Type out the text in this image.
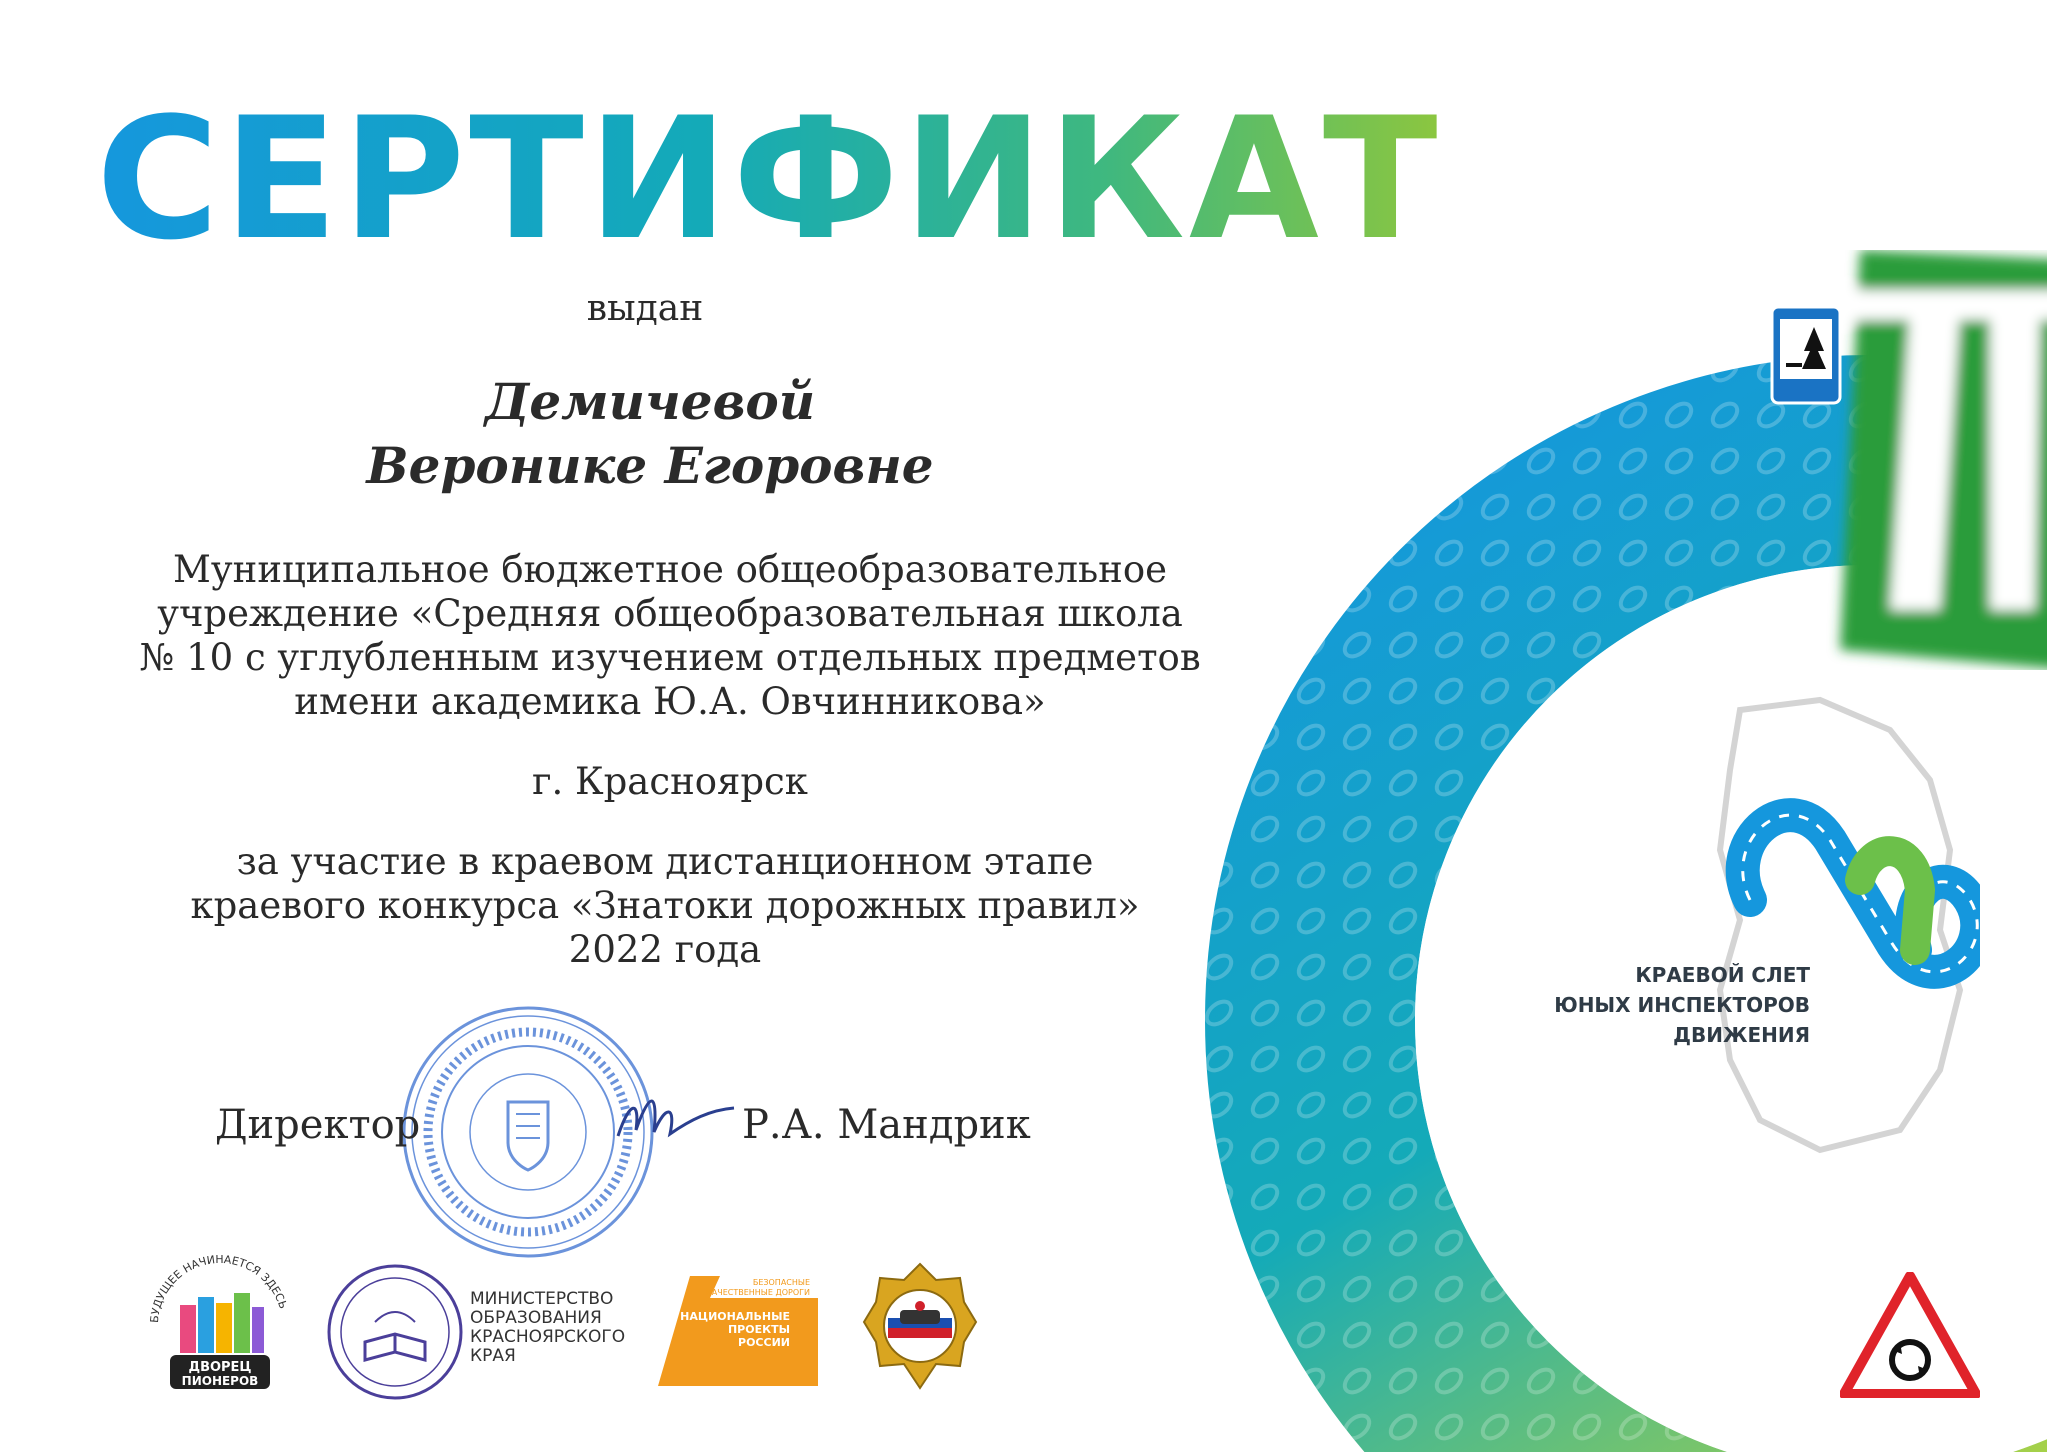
КРАЕВОЙ СЛЕТ
ЮНЫХ ИНСПЕКТОРОВ
ДВИЖЕНИЯ
СЕРТИФИКАТ
выдан
Демичевой
Веронике Егоровне
Муниципальное бюджетное общеобразовательное
учреждение «Средняя общеобразовательная школа
№ 10 с углубленным изучением отдельных предметов
имени академика Ю.А. Овчинникова»
г. Красноярск
за участие в краевом дистанционном этапе
краевого конкурса «Знатоки дорожных правил»
2022 года
Директор	Р.А. Мандрик
БУДУЩЕЕ НАЧИНАЕТСЯ ЗДЕСЬ
ДВОРЕЦ
ПИОНЕРОВ
МИНИСТЕРСТВО
ОБРАЗОВАНИЯ
КРАСНОЯРСКОГО
КРАЯ
БЕЗОПАСНЫЕ
КАЧЕСТВЕННЫЕ ДОРОГИ
НАЦИОНАЛЬНЫЕ
ПРОЕКТЫ
РОССИИ
